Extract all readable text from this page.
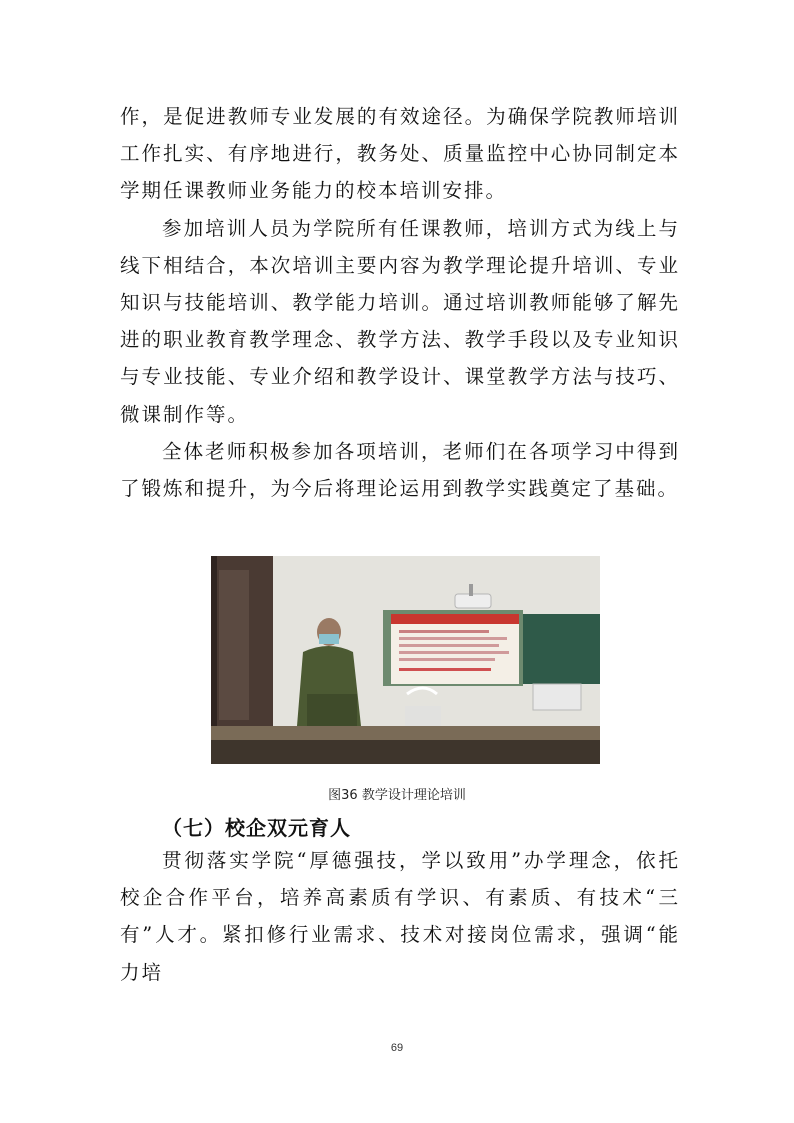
作，是促进教师专业发展的有效途径。为确保学院教师培训工作扎实、有序地进行，教务处、质量监控中心协同制定本学期任课教师业务能力的校本培训安排。

参加培训人员为学院所有任课教师，培训方式为线上与线下相结合，本次培训主要内容为教学理论提升培训、专业知识与技能培训、教学能力培训。通过培训教师能够了解先进的职业教育教学理念、教学方法、教学手段以及专业知识与专业技能、专业介绍和教学设计、课堂教学方法与技巧、微课制作等。

全体老师积极参加各项培训，老师们在各项学习中得到了锻炼和提升，为今后将理论运用到教学实践奠定了基础。

图36 教学设计理论培训
（七）校企双元育人

贯彻落实学院“厚德强技，学以致用”办学理念，依托校企合作平台，培养高素质有学识、有素质、有技术“三有”人才。紧扣修行业需求、技术对接岗位需求，强调“能力培

69
